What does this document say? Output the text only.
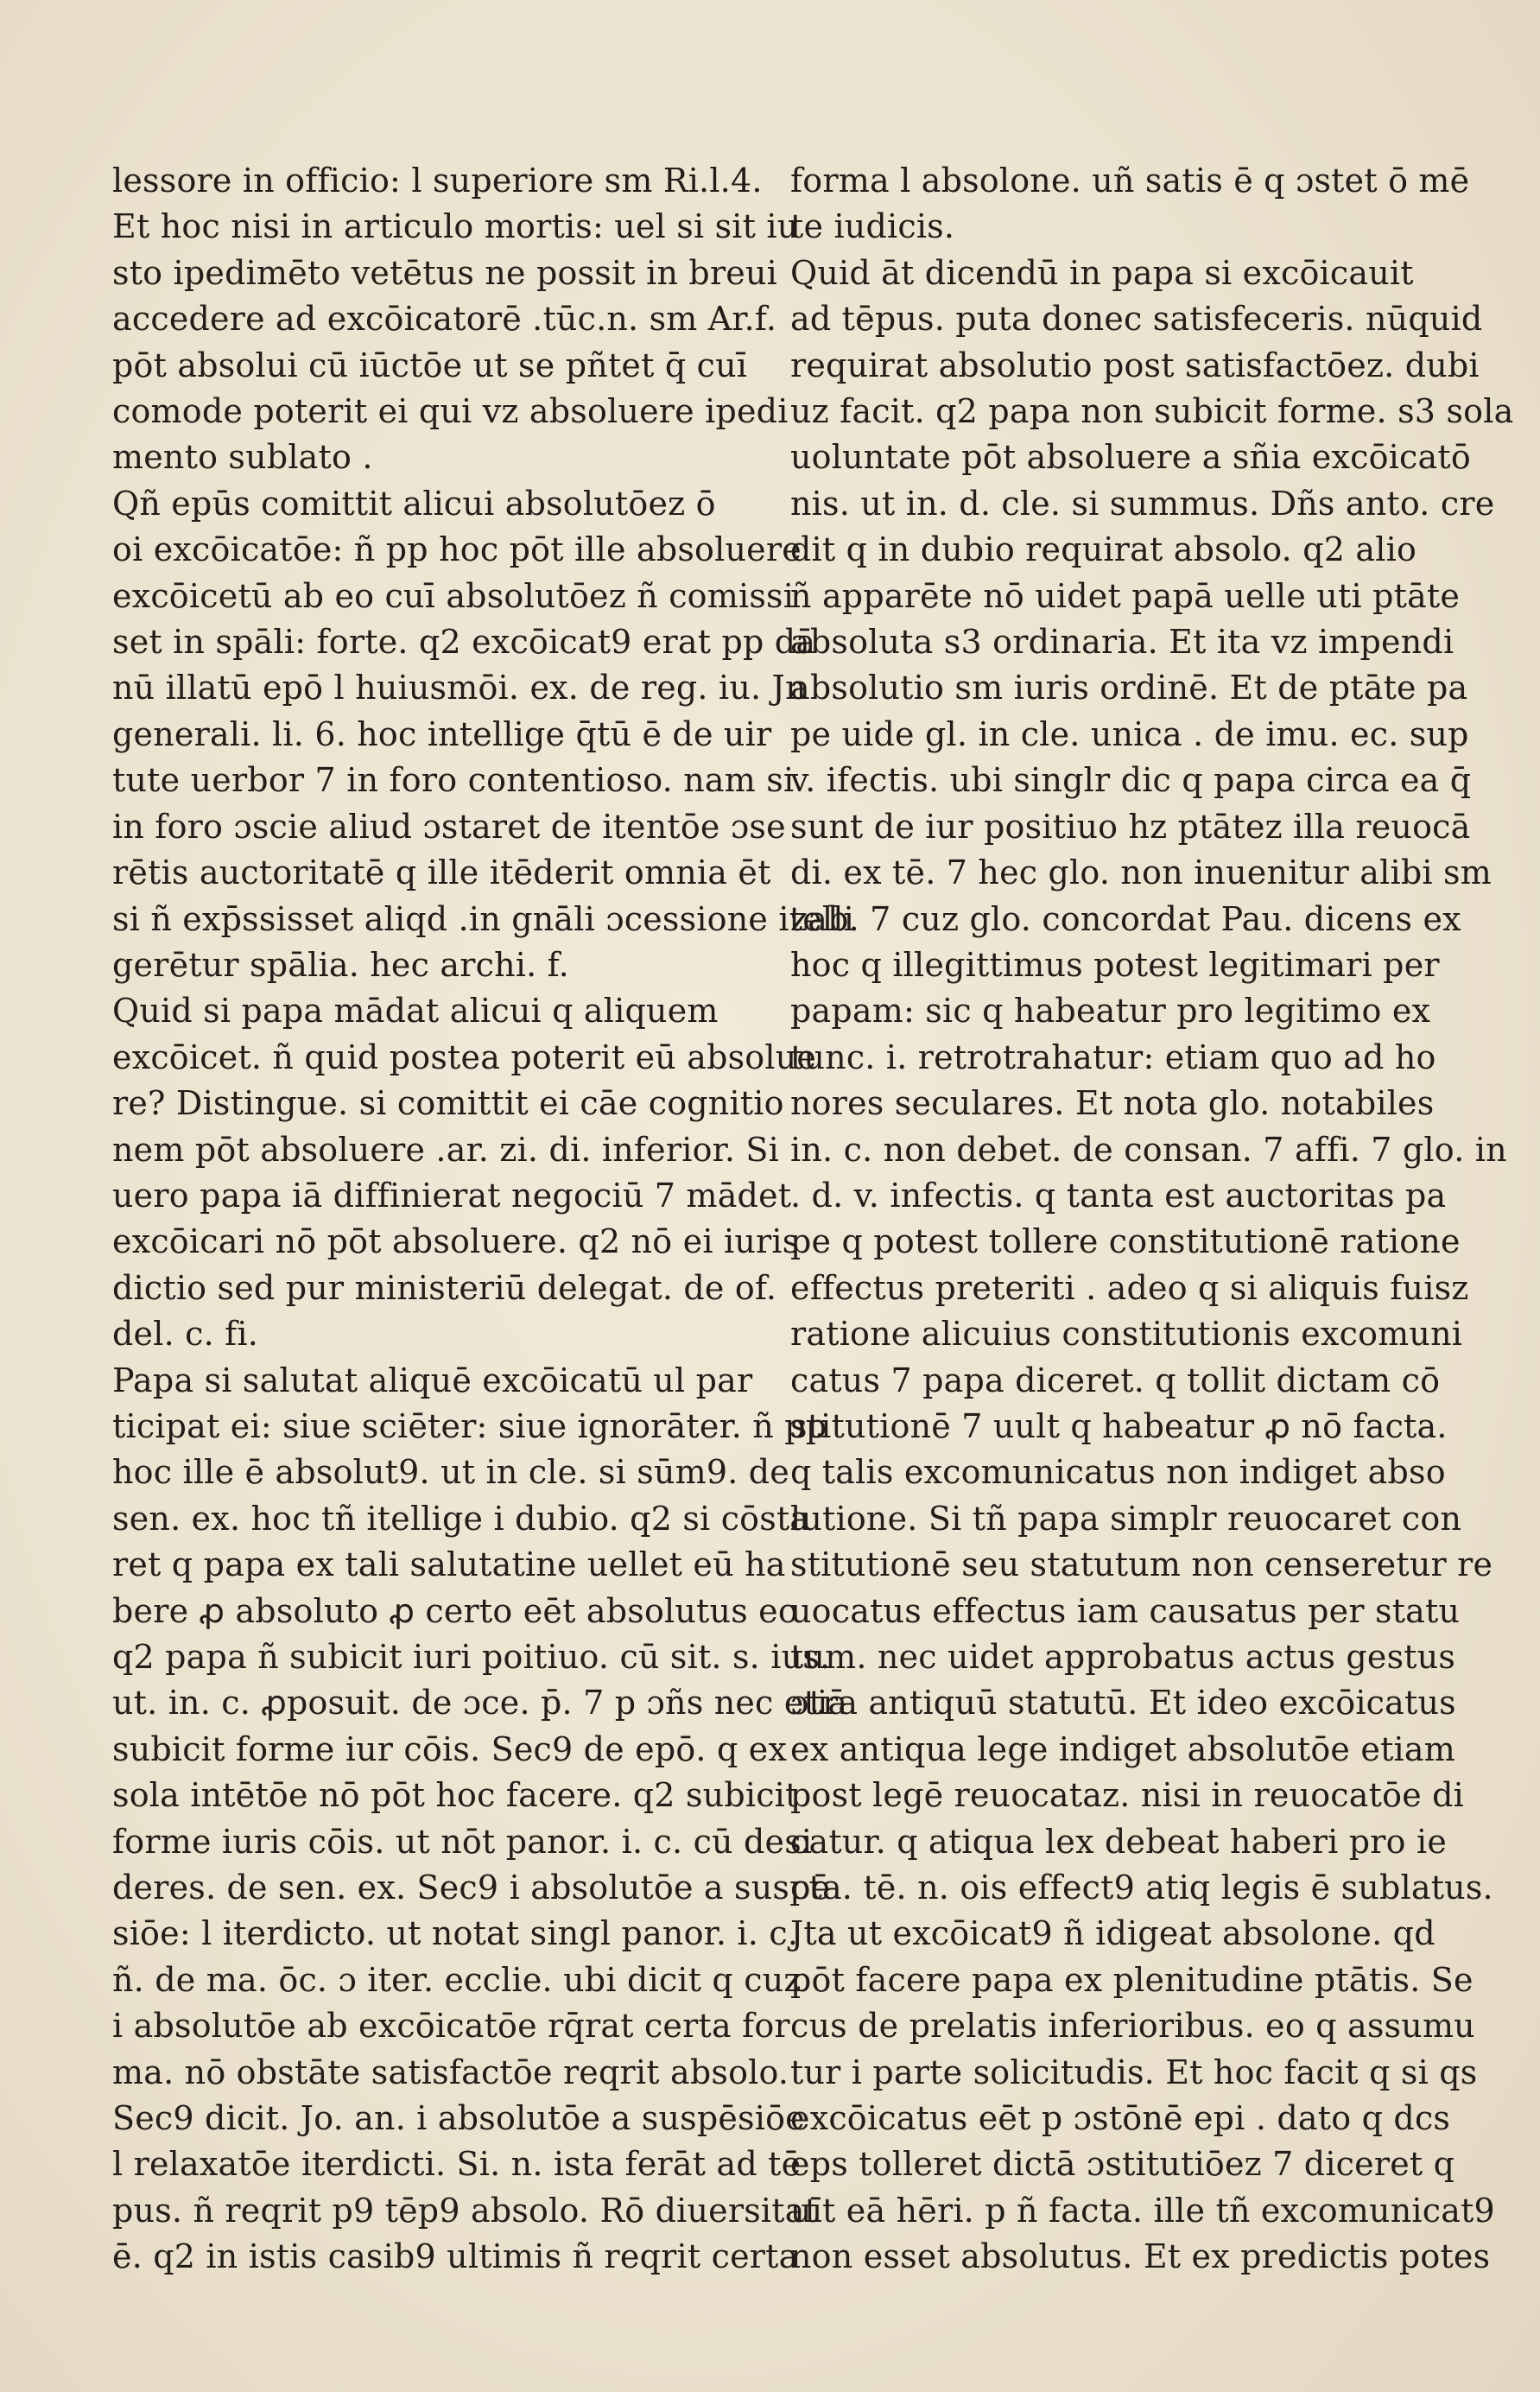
lessore in officio: l superiore sm Ri.l.4.
Et hoc nisi in articulo mortis: uel si sit iu
sto ipedimēto vetētus ne possit in breui
accedere ad excōicatorē .tūc.n. sm Ar.f.
pōt absolui cū iūctōe ut se pñtet q̄ cuī
comode poterit ei qui vz absoluere ipedi
mento sublato .
Qñ epūs comittit alicui absolutōez ō
oi excōicatōe: ñ pp hoc pōt ille absoluere
excōicetū ab eo cuī absolutōez ñ comissi
set in spāli: forte. q2 excōicat9 erat pp dā
nū illatū epō l huiusmōi. ex. de reg. iu. Jn
generali. li. 6. hoc intellige q̄tū ē de uir
tute uerbor 7 in foro contentioso. nam si
in foro ɔscie aliud ɔstaret de itentōe ɔse
rētis auctoritatē q ille itēderit omnia ēt
si ñ exp̄ssisset aliqd .in gnāli ɔcessione itelli
gerētur spālia. hec archi. f.
Quid si papa mādat alicui q aliquem
excōicet. ñ quid postea poterit eū absolue
re? Distingue. si comittit ei cāe cognitio
nem pōt absoluere .ar. zi. di. inferior. Si
uero papa iā diffinierat negociū 7 mādet
excōicari nō pōt absoluere. q2 nō ei iuris
dictio sed pur ministeriū delegat. de of.
del. c. fi.
Papa si salutat aliquē excōicatū ul par
ticipat ei: siue sciēter: siue ignorāter. ñ pp
hoc ille ē absolut9. ut in cle. si sūm9. de
sen. ex. hoc tñ itellige i dubio. q2 si cōsta
ret q papa ex tali salutatine uellet eū ha
bere ꝓ absoluto ꝓ certo eēt absolutus eo
q2 papa ñ subicit iuri poitiuo. cū sit. s. ius.
ut. in. c. ꝓposuit. de ɔce. p̄. 7 p ɔñs nec etiā
subicit forme iur cōis. Sec9 de epō. q ex
sola intētōe nō pōt hoc facere. q2 subicit
forme iuris cōis. ut nōt panor. i. c. cū desi
deres. de sen. ex. Sec9 i absolutōe a suspē
siōe: l iterdicto. ut notat singl panor. i. c.
ñ. de ma. ōc. ɔ iter. ecclie. ubi dicit q cuz
i absolutōe ab excōicatōe rq̄rat certa for
ma. nō obstāte satisfactōe reqrit absolo.
Sec9 dicit. Jo. an. i absolutōe a suspēsiōe
l relaxatōe iterdicti. Si. n. ista ferāt ad tē
pus. ñ reqrit p9 tēp9 absolo. Rō diuersitat
ē. q2 in istis casib9 ultimis ñ reqrit certa
forma l absolone. uñ satis ē q ɔstet ō mē
te iudicis.
Quid āt dicendū in papa si excōicauit
ad tēpus. puta donec satisfeceris. nūquid
requirat absolutio post satisfactōez. dubi
uz facit. q2 papa non subicit forme. s3 sola
uoluntate pōt absoluere a sñia excōicatō
nis. ut in. d. cle. si summus. Dñs anto. cre
dit q in dubio requirat absolo. q2 alio
ñ apparēte nō uidet papā uelle uti ptāte
absoluta s3 ordinaria. Et ita vz impendi
absolutio sm iuris ordinē. Et de ptāte pa
pe uide gl. in cle. unica . de imu. ec. sup
v. ifectis. ubi singlr dic q papa circa ea q̄
sunt de iur positiuo hz ptātez illa reuocā
di. ex tē. 7 hec glo. non inuenitur alibi sm
zab. 7 cuz glo. concordat Pau. dicens ex
hoc q illegittimus potest legitimari per
papam: sic q habeatur pro legitimo ex
tunc. i. retrotrahatur: etiam quo ad ho
nores seculares. Et nota glo. notabiles
in. c. non debet. de consan. 7 affi. 7 glo. in
. d. v. infectis. q tanta est auctoritas pa
pe q potest tollere constitutionē ratione
effectus preteriti . adeo q si aliquis fuisz
ratione alicuius constitutionis excomuni
catus 7 papa diceret. q tollit dictam cō
stitutionē 7 uult q habeatur ꝓ nō facta.
q talis excomunicatus non indiget abso
lutione. Si tñ papa simplr reuocaret con
stitutionē seu statutum non censeretur re
uocatus effectus iam causatus per statu
tum. nec uidet approbatus actus gestus
ɔtra antiquū statutū. Et ideo excōicatus
ex antiqua lege indiget absolutōe etiam
post legē reuocataz. nisi in reuocatōe di
catur. q atiqua lex debeat haberi pro ie
cta. tē. n. ois effect9 atiq legis ē sublatus.
Jta ut excōicat9 ñ idigeat absolone. qd
pōt facere papa ex plenitudine ptātis. Se
cus de prelatis inferioribus. eo q assumu
tur i parte solicitudis. Et hoc facit q si qs
excōicatus eēt p ɔstōnē epi . dato q dcs
eps tolleret dictā ɔstitutiōez 7 diceret q
uīt eā hēri. p ñ facta. ille tñ excomunicat9
non esset absolutus. Et ex predictis potes
